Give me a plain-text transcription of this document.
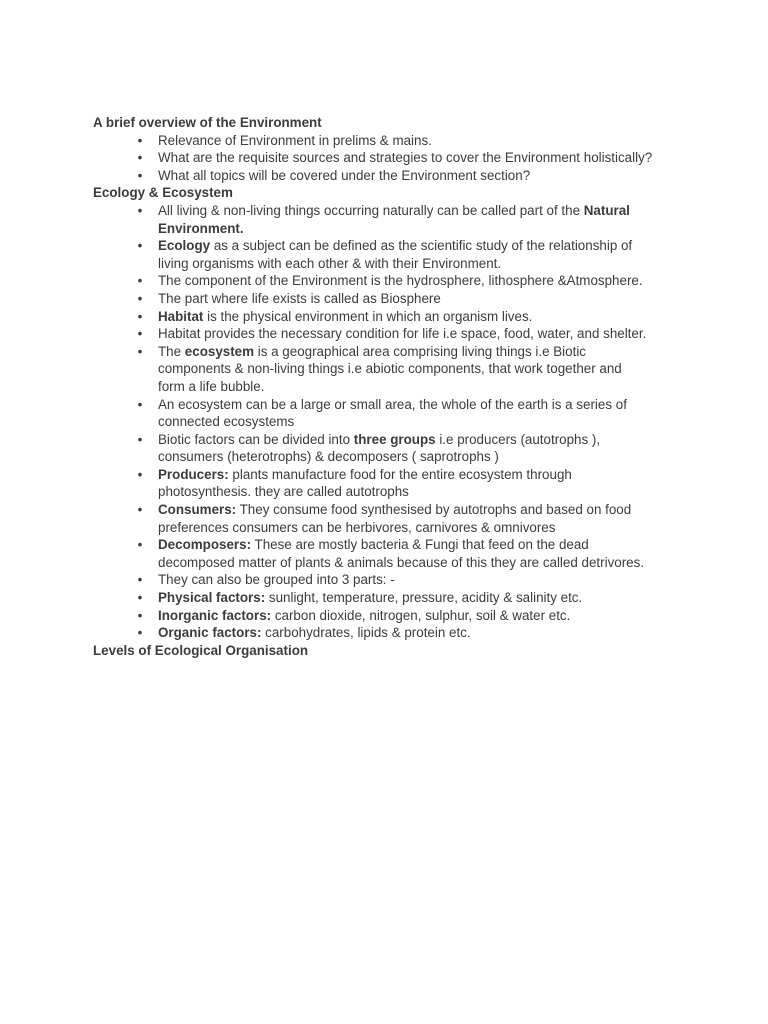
A brief overview of the Environment
• Relevance of Environment in prelims & mains.
• What are the requisite sources and strategies to cover the Environment holistically?
• What all topics will be covered under the Environment section?
Ecology & Ecosystem
• All living & non-living things occurring naturally can be called part of the Natural
Environment.
• Ecology as a subject can be defined as the scientific study of the relationship of
living organisms with each other & with their Environment.
• The component of the Environment is the hydrosphere, lithosphere &Atmosphere.
• The part where life exists is called as Biosphere
• Habitat is the physical environment in which an organism lives.
• Habitat provides the necessary condition for life i.e space, food, water, and shelter.
• The ecosystem is a geographical area comprising living things i.e Biotic
components & non-living things i.e abiotic components, that work together and
form a life bubble.
• An ecosystem can be a large or small area, the whole of the earth is a series of
connected ecosystems
• Biotic factors can be divided into three groups i.e producers (autotrophs ),
consumers (heterotrophs) & decomposers ( saprotrophs )
• Producers: plants manufacture food for the entire ecosystem through
photosynthesis. they are called autotrophs
• Consumers: They consume food synthesised by autotrophs and based on food
preferences consumers can be herbivores, carnivores & omnivores
• Decomposers: These are mostly bacteria & Fungi that feed on the dead
decomposed matter of plants & animals because of this they are called detrivores.
• They can also be grouped into 3 parts: -
• Physical factors: sunlight, temperature, pressure, acidity & salinity etc.
• Inorganic factors: carbon dioxide, nitrogen, sulphur, soil & water etc.
• Organic factors: carbohydrates, lipids & protein etc.
Levels of Ecological Organisation
